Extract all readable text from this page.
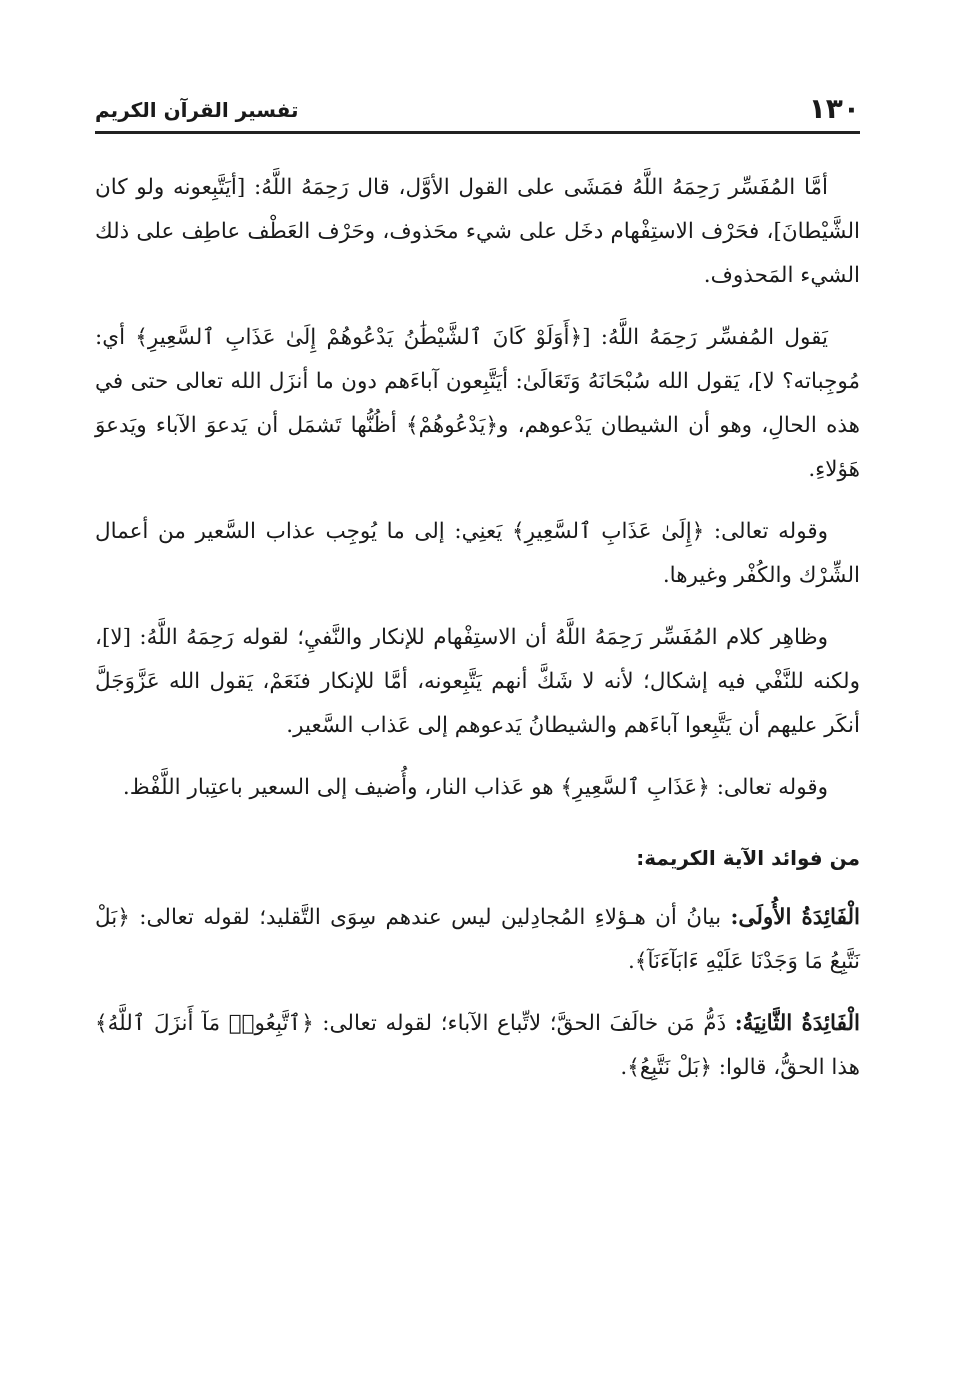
١٣٠
تفسير القرآن الكريم

أمَّا المُفَسِّر رَحِمَهُ اللَّهُ فمَشَى على القول الأوَّل، قال رَحِمَهُ اللَّهُ: [أيَتَّبِعونه ولو كان الشَّيْطانَ]، فحَرْف الاستِفْهام دخَل على شيء محَذوف، وحَرْف العَطْف عاطِف على ذلك الشيء المَحذوف.

يَقول المُفسِّر رَحِمَهُ اللَّهُ: [﴿أَوَلَوْ كَانَ ٱلشَّيْطَٰنُ يَدْعُوهُمْ إِلَىٰ عَذَابِ ٱلسَّعِيرِ﴾ أي: مُوجِباته؟ لا]، يَقول الله سُبْحَانَهُ وَتَعَالَىٰ: أيَتَّبِعون آباءَهم دون ما أنزَل الله تعالى حتى في هذه الحالِ، وهو أن الشيطان يَدْعوهم، و﴿يَدْعُوهُمْ﴾ أظُنُّها تَشمَل أن يَدعوَ الآباء ويَدعوَ هَؤلاءِ.

وقوله تعالى: ﴿إِلَىٰ عَذَابِ ٱلسَّعِيرِ﴾ يَعنِي: إلى ما يُوجِب عذاب السَّعير من أعمال الشِّرْك والكُفْر وغيرها.

وظاهِر كلام المُفَسِّر رَحِمَهُ اللَّهُ أن الاستِفْهام للإنكار والنَّفيِ؛ لقوله رَحِمَهُ اللَّهُ: [لا]، ولكنه للنَّفْي فيه إشكال؛ لأنه لا شَكَّ أنهم يَتَّبِعونه، أمَّا للإنكار فنَعَمْ، يَقول الله عَزَّوَجَلَّ أنكَر عليهم أن يَتَّبِعوا آباءَهم والشيطانُ يَدعوهم إلى عَذاب السَّعير.

وقوله تعالى: ﴿عَذَابِ ٱلسَّعِيرِ﴾ هو عَذاب النار، وأُضيف إلى السعير باعتِبار اللَّفْظ.

من فوائد الآية الكريمة:

الْفَائِدَةُ الأُولَى: بيانُ أن هـؤلاءِ المُجادِلين ليس عندهم سِوَى التَّقليد؛ لقوله تعالى: ﴿بَلْ نَتَّبِعُ مَا وَجَدْنَا عَلَيْهِ ءَابَآءَنَآ﴾.

الْفَائِدَةُ الثَّانِيَةُ: ذَمُّ مَن خالَفَ الحقَّ؛ لاتِّباع الآباء؛ لقوله تعالى: ﴿ٱتَّبِعُوا۟ مَآ أَنزَلَ ٱللَّهُ﴾ هذا الحقُّ، قالوا: ﴿بَلْ نَتَّبِعُ﴾.
